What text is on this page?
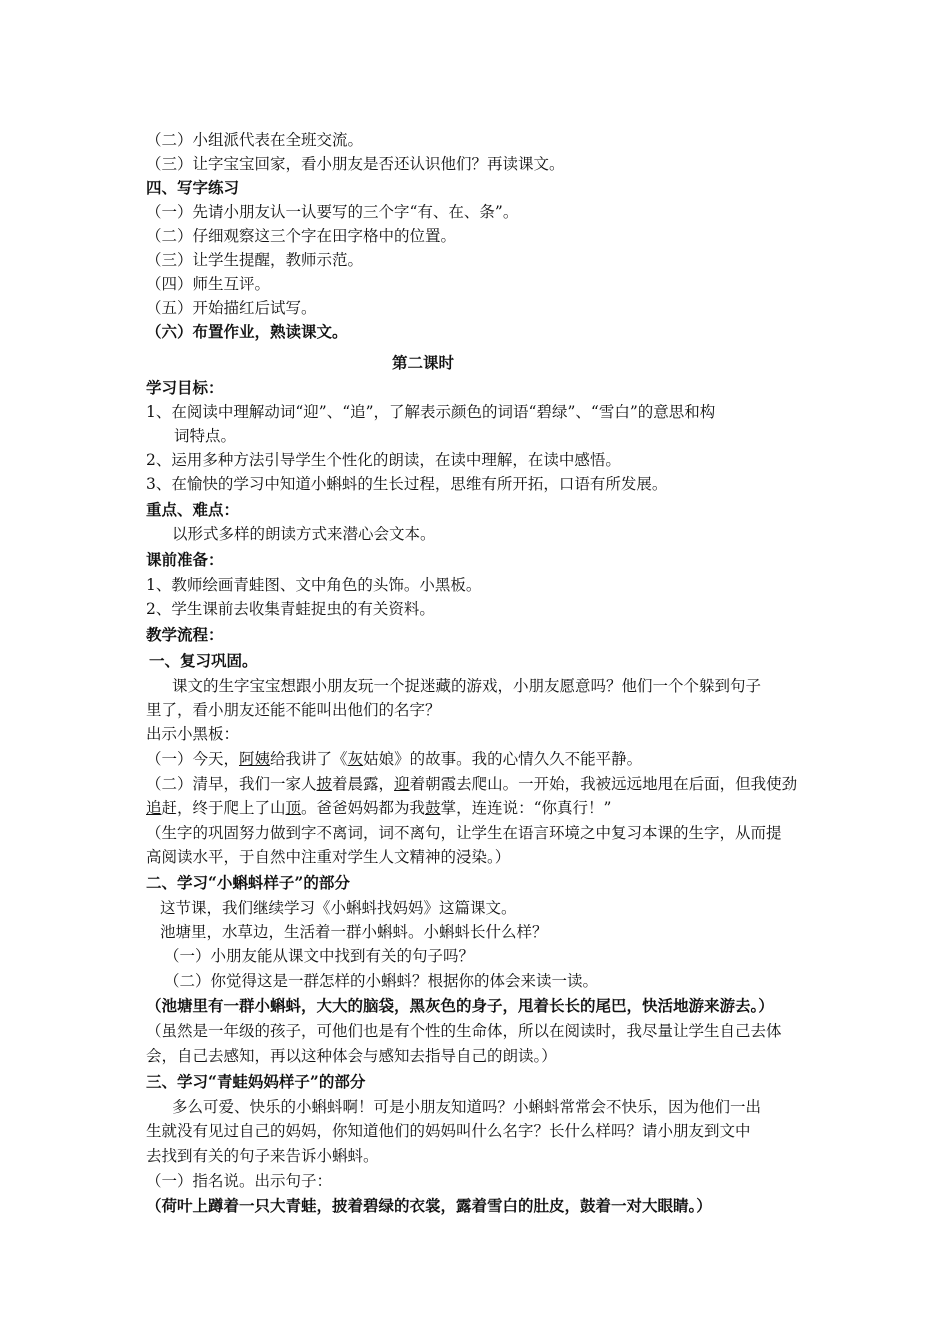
（二）小组派代表在全班交流。
（三）让字宝宝回家，看小朋友是否还认识他们？再读课文。
四、写字练习
（一）先请小朋友认一认要写的三个字“有、在、条”。
（二）仔细观察这三个字在田字格中的位置。
（三）让学生提醒，教师示范。
（四）师生互评。
（五）开始描红后试写。
（六）布置作业，熟读课文。
第二课时
学习目标：
1、在阅读中理解动词“迎”、“追”，了解表示颜色的词语“碧绿”、“雪白”的意思和构
词特点。
2、运用多种方法引导学生个性化的朗读，在读中理解，在读中感悟。
3、在愉快的学习中知道小蝌蚪的生长过程，思维有所开拓，口语有所发展。
重点、难点：
以形式多样的朗读方式来潜心会文本。
课前准备：
1、教师绘画青蛙图、文中角色的头饰。小黑板。
2、学生课前去收集青蛙捉虫的有关资料。
教学流程：
一、复习巩固。
课文的生字宝宝想跟小朋友玩一个捉迷藏的游戏，小朋友愿意吗？他们一个个躲到句子
里了，看小朋友还能不能叫出他们的名字？
出示小黑板：
（一）今天，阿姨给我讲了《灰姑娘》的故事。我的心情久久不能平静。
（二）清早，我们一家人披着晨露，迎着朝霞去爬山。一开始，我被远远地甩在后面，但我使劲
追赶，终于爬上了山顶。爸爸妈妈都为我鼓掌，连连说：“你真行！”
（生字的巩固努力做到字不离词，词不离句，让学生在语言环境之中复习本课的生字，从而提
高阅读水平，于自然中注重对学生人文精神的浸染。）
二、学习“小蝌蚪样子”的部分
这节课，我们继续学习《小蝌蚪找妈妈》这篇课文。
池塘里，水草边，生活着一群小蝌蚪。小蝌蚪长什么样？
（一）小朋友能从课文中找到有关的句子吗？
（二）你觉得这是一群怎样的小蝌蚪？根据你的体会来读一读。
（池塘里有一群小蝌蚪，大大的脑袋，黑灰色的身子，甩着长长的尾巴，快活地游来游去。）
（虽然是一年级的孩子，可他们也是有个性的生命体，所以在阅读时，我尽量让学生自己去体
会，自己去感知，再以这种体会与感知去指导自己的朗读。）
三、学习“青蛙妈妈样子”的部分
多么可爱、快乐的小蝌蚪啊！可是小朋友知道吗？小蝌蚪常常会不快乐，因为他们一出
生就没有见过自己的妈妈，你知道他们的妈妈叫什么名字？长什么样吗？请小朋友到文中
去找到有关的句子来告诉小蝌蚪。
（一）指名说。出示句子：
（荷叶上蹲着一只大青蛙，披着碧绿的衣裳，露着雪白的肚皮，鼓着一对大眼睛。）
